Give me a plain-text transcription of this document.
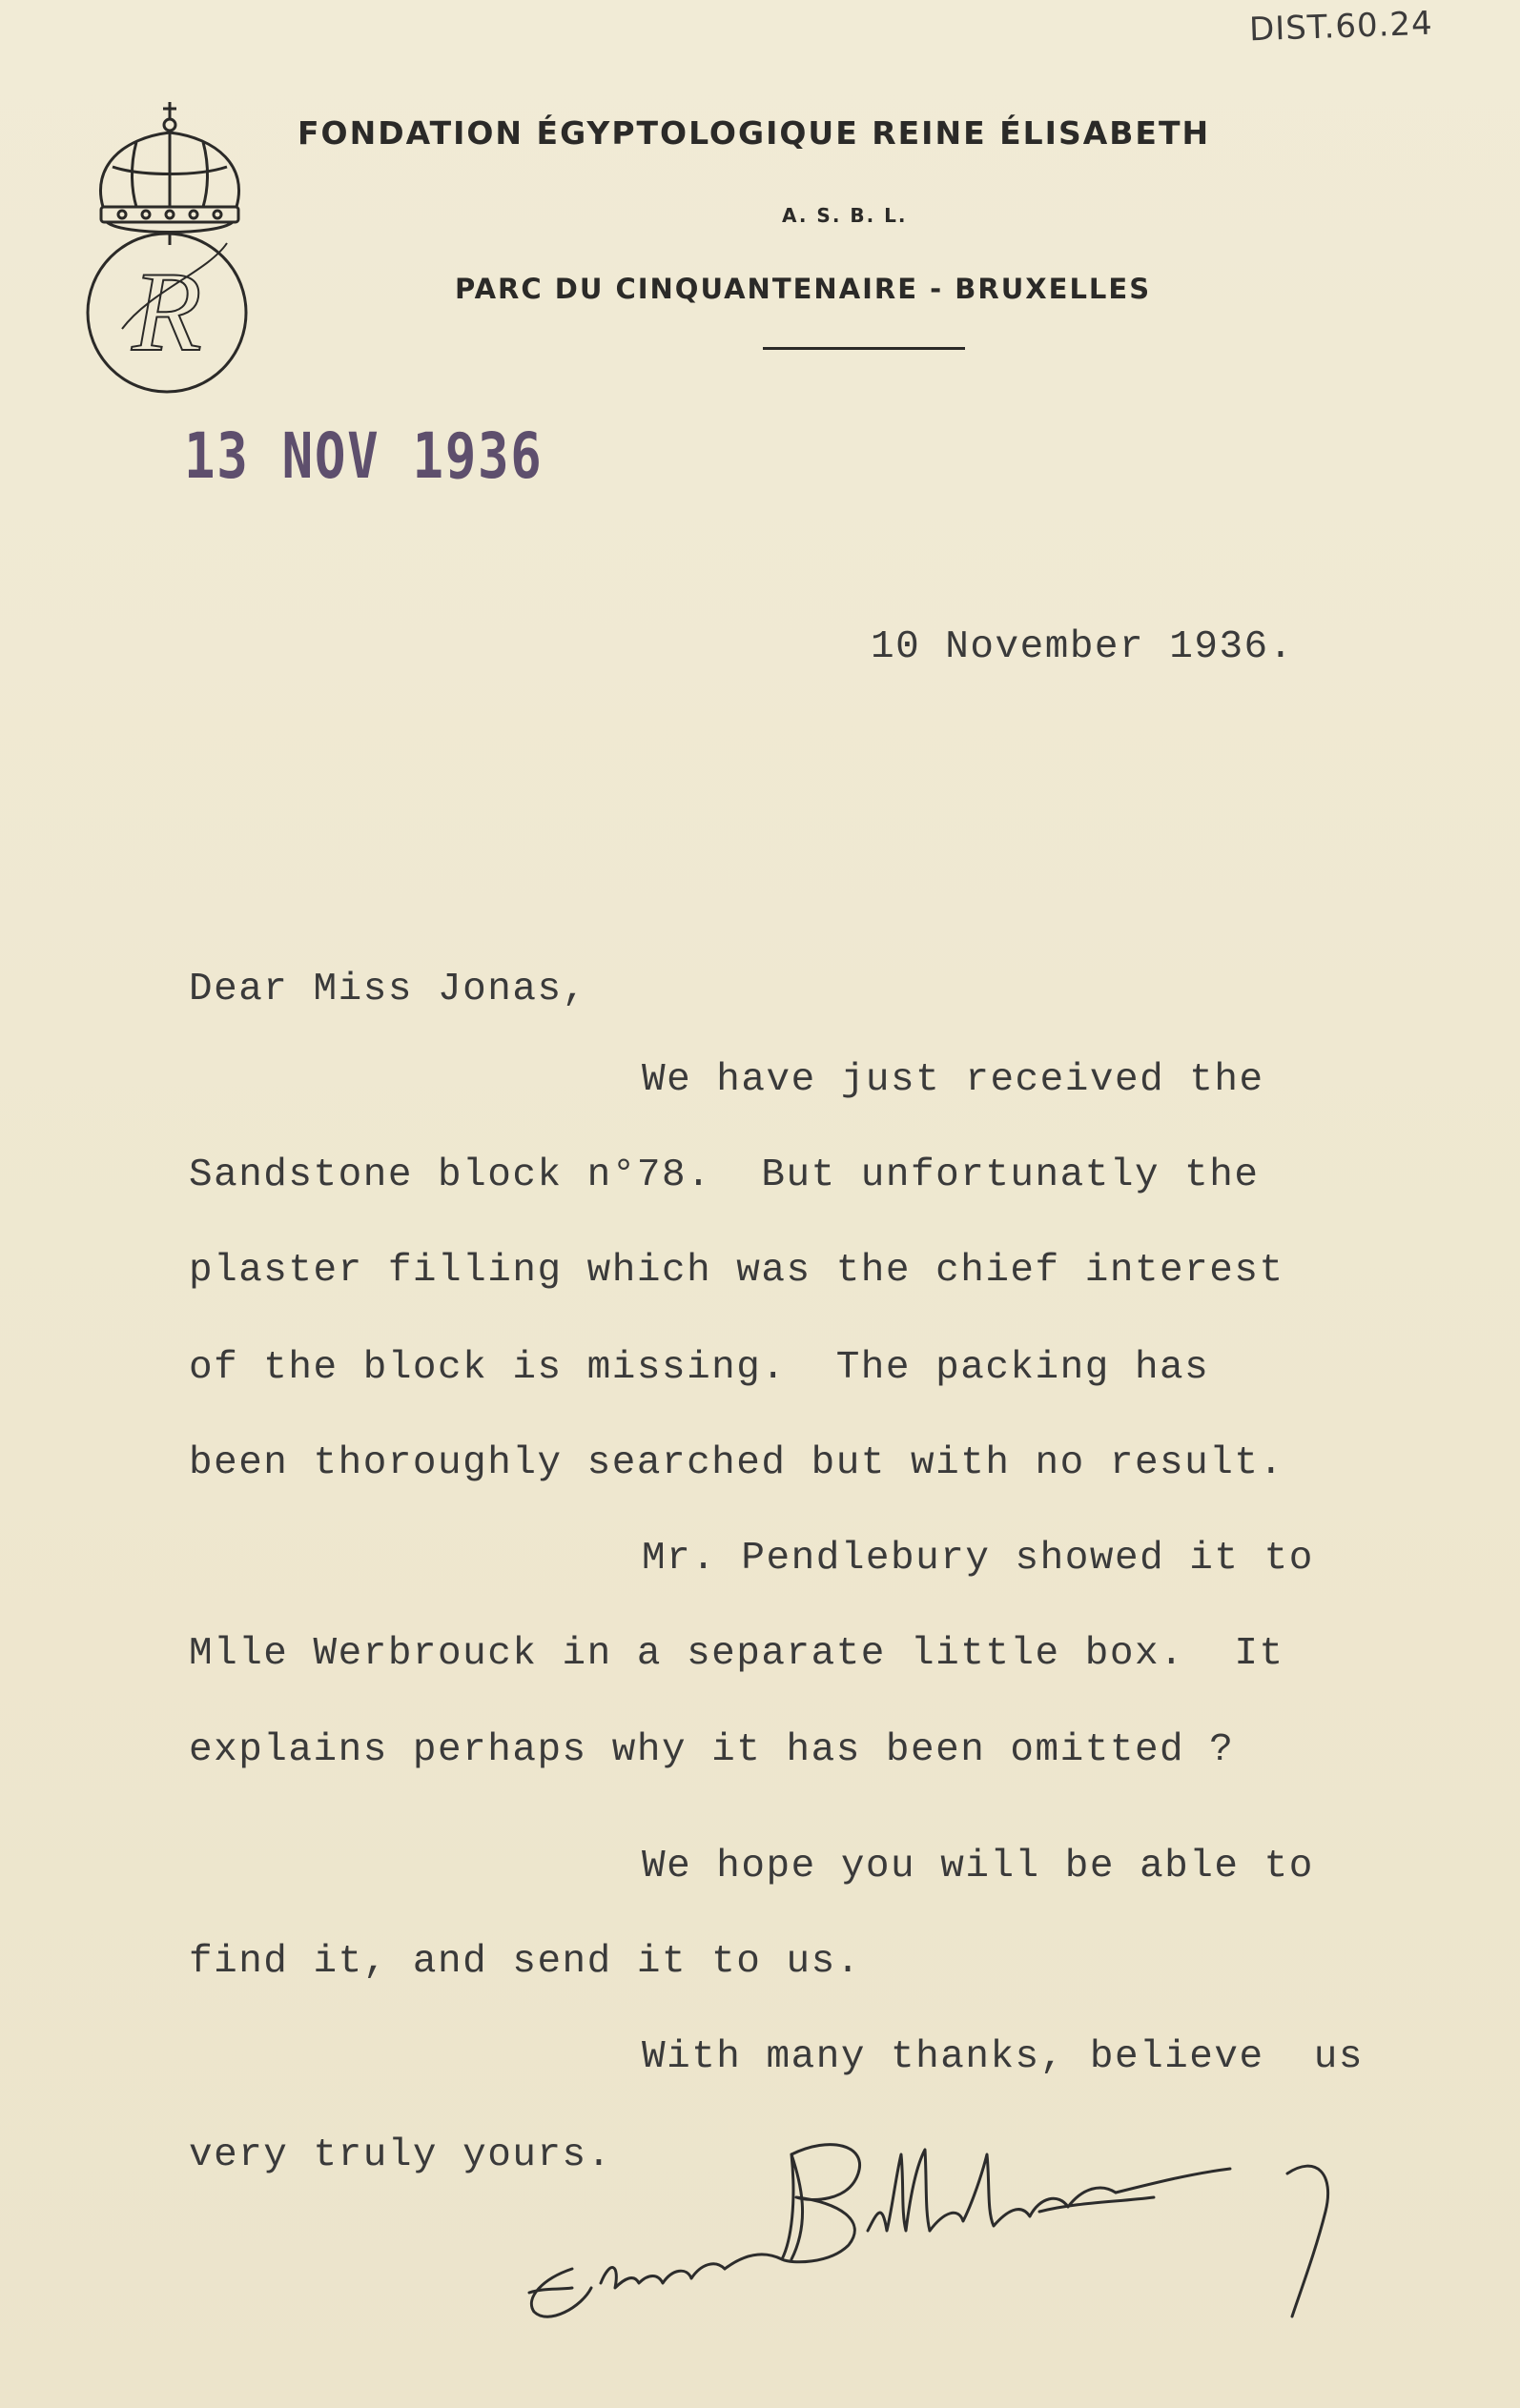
DIST.60.24
R
FONDATION ÉGYPTOLOGIQUE REINE ÉLISABETH
A. S. B. L.
PARC DU CINQUANTENAIRE - BRUXELLES
13 NOV 1936
10 November 1936.
Dear Miss Jonas,
We have just received the
Sandstone block n°78.  But unfortunatly the
plaster filling which was the chief interest
of the block is missing.  The packing has
been thoroughly searched but with no result.
Mr. Pendlebury showed it to
Mlle Werbrouck in a separate little box.  It
explains perhaps why it has been omitted ?
We hope you will be able to
find it, and send it to us.
With many thanks, believe  us
very truly yours.
